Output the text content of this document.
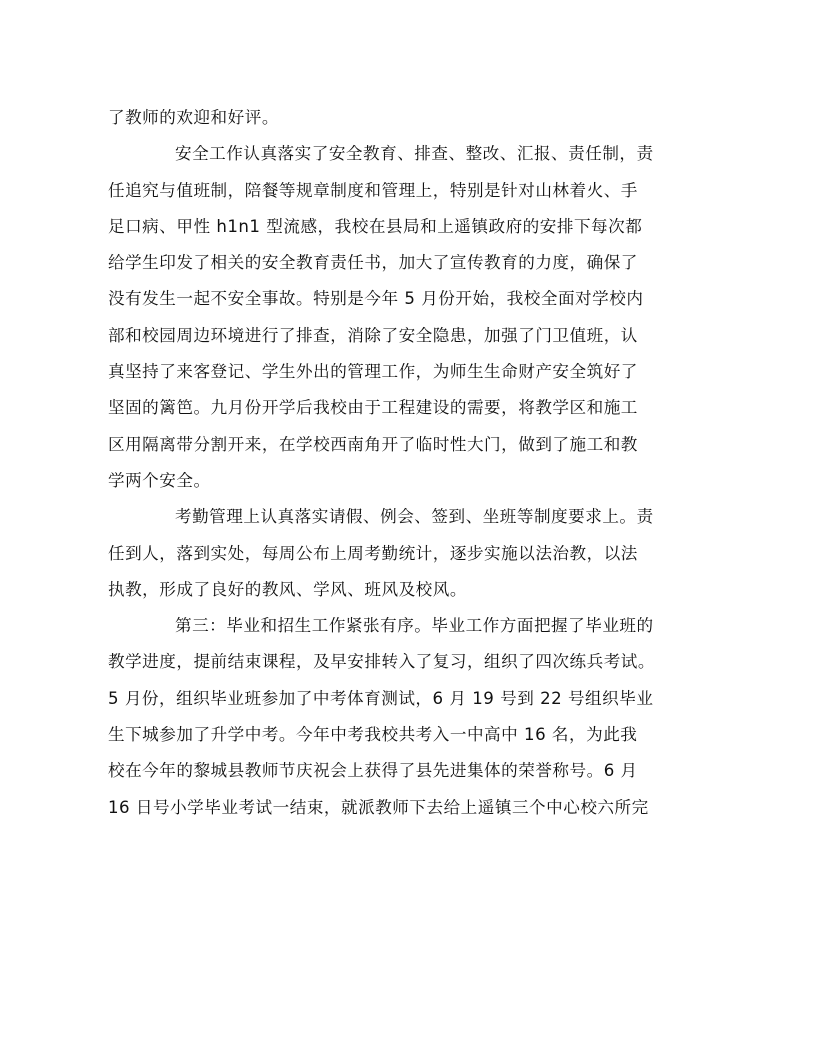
了教师的欢迎和好评。

安全工作认真落实了安全教育、排查、整改、汇报、责任制，责
任追究与值班制，陪餐等规章制度和管理上，特别是针对山林着火、手
足口病、甲性 h1n1 型流感，我校在县局和上遥镇政府的安排下每次都
给学生印发了相关的安全教育责任书，加大了宣传教育的力度，确保了
没有发生一起不安全事故。特别是今年 5 月份开始，我校全面对学校内
部和校园周边环境进行了排查，消除了安全隐患，加强了门卫值班，认
真坚持了来客登记、学生外出的管理工作，为师生生命财产安全筑好了
坚固的篱笆。九月份开学后我校由于工程建设的需要，将教学区和施工
区用隔离带分割开来，在学校西南角开了临时性大门，做到了施工和教
学两个安全。

考勤管理上认真落实请假、例会、签到、坐班等制度要求上。责
任到人，落到实处，每周公布上周考勤统计，逐步实施以法治教，以法
执教，形成了良好的教风、学风、班风及校风。

第三：毕业和招生工作紧张有序。毕业工作方面把握了毕业班的
教学进度，提前结束课程，及早安排转入了复习，组织了四次练兵考试。
5 月份，组织毕业班参加了中考体育测试，6 月 19 号到 22 号组织毕业
生下城参加了升学中考。今年中考我校共考入一中高中 16 名，为此我
校在今年的黎城县教师节庆祝会上获得了县先进集体的荣誉称号。6 月
16 日号小学毕业考试一结束，就派教师下去给上遥镇三个中心校六所完
